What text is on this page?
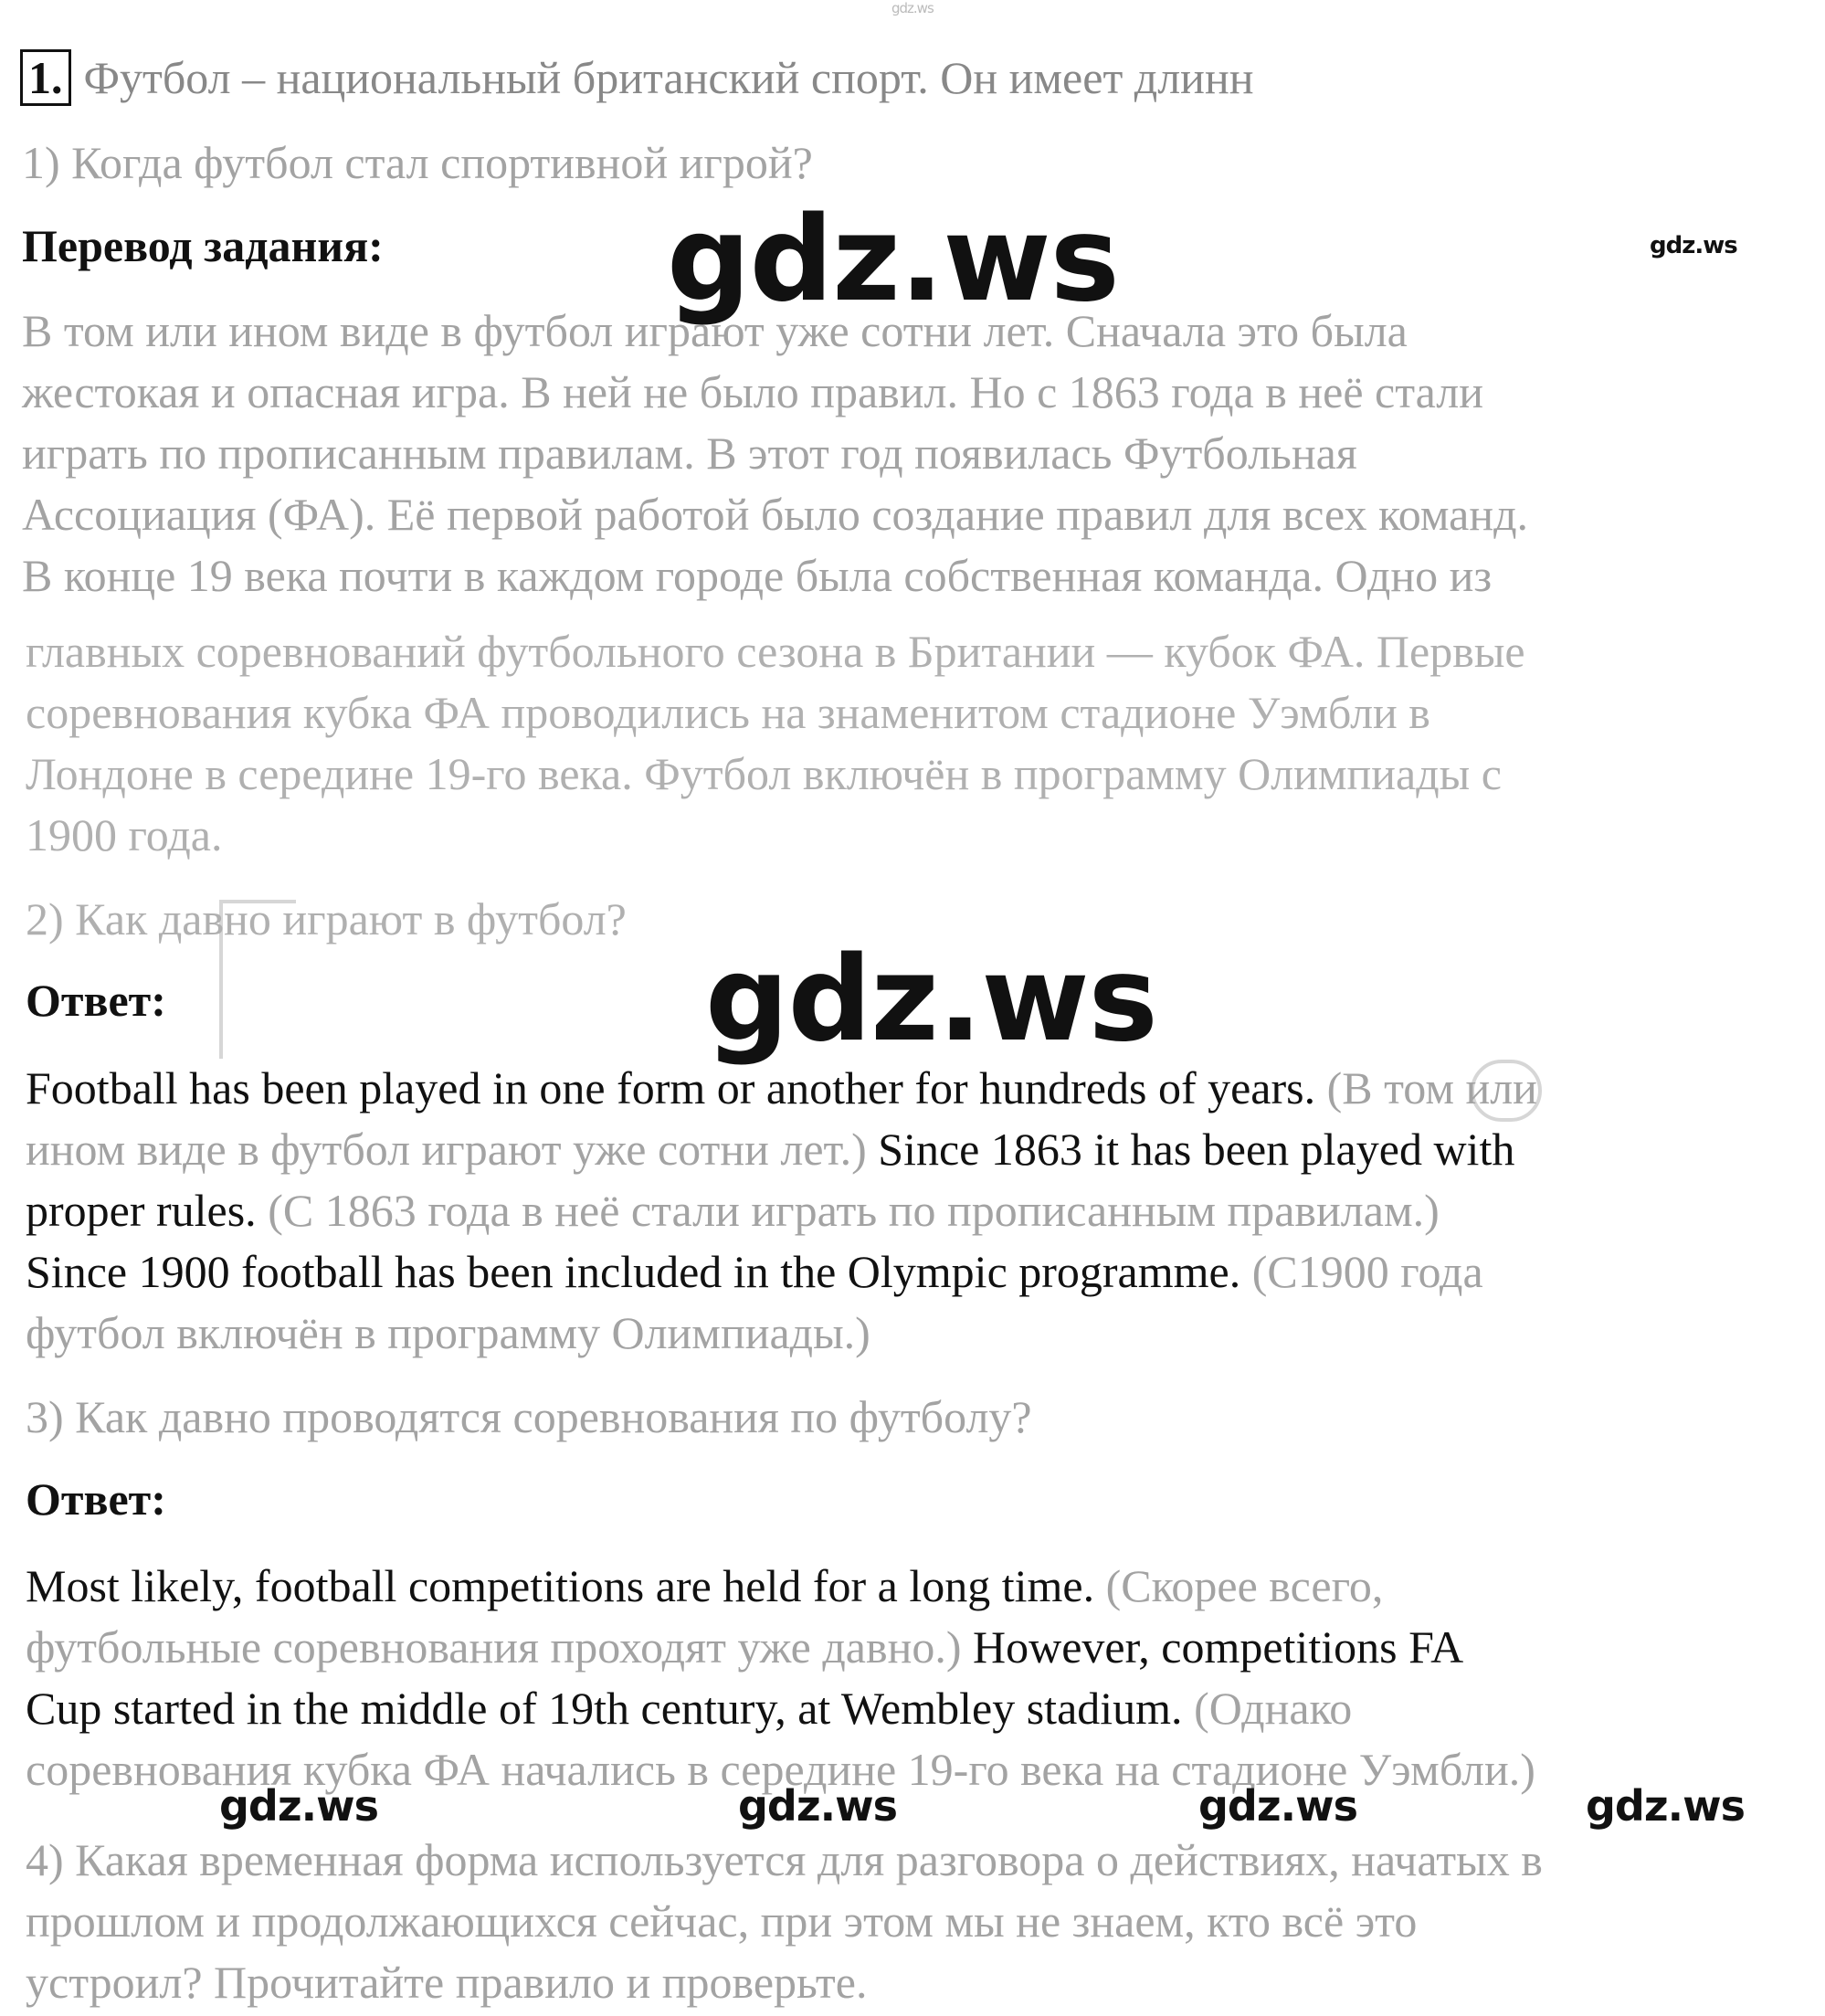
gdz.ws
1. Футбол – национальный британский спорт. Он имеет длинн
1) Когда футбол стал спортивной игрой?
Перевод задания: gdz.ws	gdz.ws
В том или ином виде в футбол играют уже сотни лет. Сначала это была
жестокая и опасная игра. В ней не было правил. Но с 1863 года в неё стали
играть по прописанным правилам. В этот год появилась Футбольная
Ассоциация (ФА). Её первой работой было создание правил для всех команд.
В конце 19 века почти в каждом городе была собственная команда. Одно из
главных соревнований футбольного сезона в Британии — кубок ФА. Первые
соревнования кубка ФА проводились на знаменитом стадионе Уэмбли в
Лондоне в середине 19-го века. Футбол включён в программу Олимпиады с
1900 года.
2) Как давно играют в футбол?
gdz.ws
Ответ:
Football has been played in one form or another for hundreds of years. (В том или
ином виде в футбол играют уже сотни лет.) Since 1863 it has been played with
proper rules. (С 1863 года в неё стали играть по прописанным правилам.)
Since 1900 football has been included in the Olympic programme. (С1900 года
футбол включён в программу Олимпиады.)
3) Как давно проводятся соревнования по футболу?
Ответ:
Most likely, football competitions are held for a long time. (Скорее всего,
футбольные соревнования проходят уже давно.) However, competitions FA
Cup started in the middle of 19th century, at Wembley stadium. (Однако
соревнования кубка ФА начались в середине 19-го века на стадионе Уэмбли.)
gdz.ws	gdz.ws	gdz.ws	gdz.ws
4) Какая временная форма используется для разговора о действиях, начатых в
прошлом и продолжающихся сейчас, при этом мы не знаем, кто всё это
устроил? Прочитайте правило и проверьте.
